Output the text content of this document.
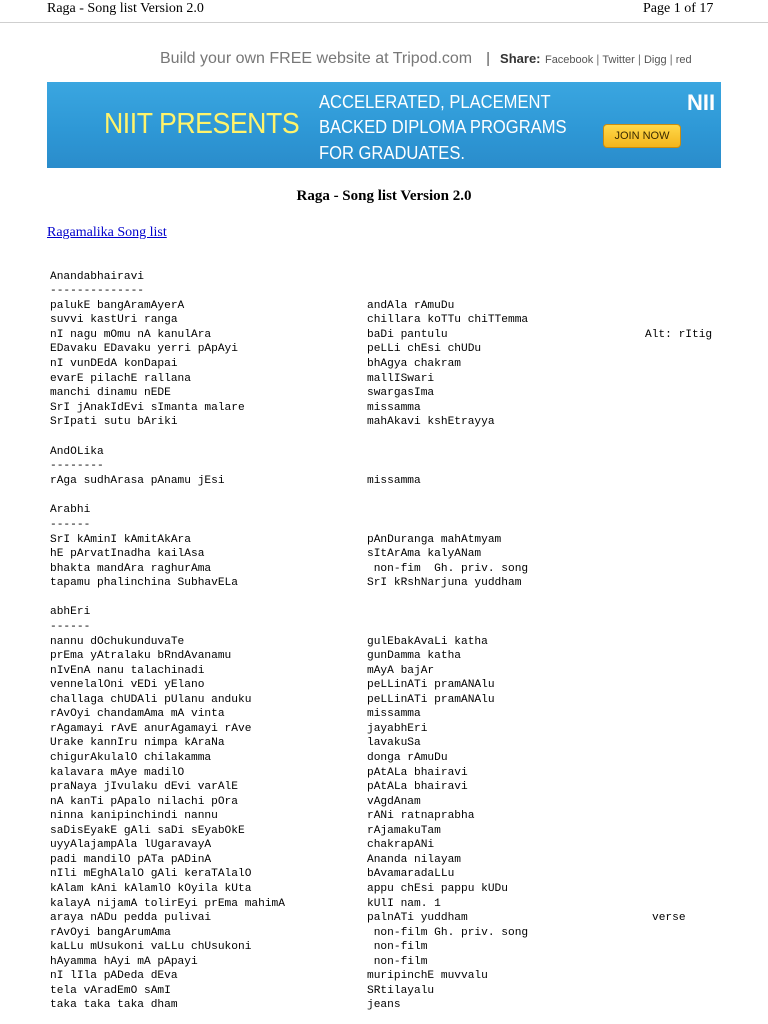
Raga - Song list Version 2.0	Page 1 of 17
Build your own FREE website at Tripod.com | Share: Facebook | Twitter | Digg | red
NIIT PRESENTS
ACCELERATED, PLACEMENT
BACKED DIPLOMA PROGRAMS
FOR GRADUATES.
JOIN NOW
NII
Raga - Song list Version 2.0
Ragamalika Song list
Anandabhairavi
--------------
palukE bangAramAyerA	andAla rAmuDu
suvvi kastUri ranga	chillara koTTu chiTTemma
nI nagu mOmu nA kanulAra	baDi pantulu	Alt: rItig
EDavaku EDavaku yerri pApAyi	peLLi chEsi chUDu
nI vunDEdA konDapai	bhAgya chakram
evarE pilachE rallana	mallISwari
manchi dinamu nEDE	swargasIma
SrI jAnakIdEvi sImanta malare	missamma
SrIpati sutu bAriki	mahAkavi kshEtrayya
AndOLika
--------
rAga sudhArasa pAnamu jEsi	missamma
Arabhi
------
SrI kAminI kAmitAkAra	pAnDuranga mahAtmyam
hE pArvatInadha kailAsa	sItArAma kalyANam
bhakta mandAra raghurAma	non-fim  Gh. priv. song
tapamu phalinchina SubhavELa	SrI kRshNarjuna yuddham
abhEri
------
nannu dOchukunduvaTe	gulEbakAvaLi katha
prEma yAtralaku bRndAvanamu	gunDamma katha
nIvEnA nanu talachinadi	mAyA bajAr
vennelalOni vEDi yElano	peLLinATi pramANAlu
challaga chUDAli pUlanu anduku	peLLinATi pramANAlu
rAvOyi chandamAma mA vinta	missamma
rAgamayi rAvE anurAgamayi rAve	jayabhEri
Urake kannIru nimpa kAraNa	lavakuSa
chigurAkulalO chilakamma	donga rAmuDu
kalavara mAye madilO	pAtALa bhairavi
praNaya jIvulaku dEvi varAlE	pAtALa bhairavi
nA kanTi pApalo nilachi pOra	vAgdAnam
ninna kanipinchindi nannu	rANi ratnaprabha
saDisEyakE gAli saDi sEyabOkE	rAjamakuTam
uyyAlajampAla lUgaravayA	chakrapANi
padi mandilO pATa pADinA	Ananda nilayam
nIli mEghAlalO gAli keraTAlalO	bAvamaradaLLu
kAlam kAni kAlamlO kOyila kUta	appu chEsi pappu kUDu
kalayA nijamA tolirEyi prEma mahimA	kUlI nam. 1
araya nADu pedda pulivai	palnATi yuddham	verse
rAvOyi bangArumAma	non-film Gh. priv. song
kaLLu mUsukoni vaLLu chUsukoni	non-film
hAyamma hAyi mA pApayi	non-film
nI lIla pADeda dEva	muripinchE muvvalu
tela vAradEmO sAmI	SRtilayalu
taka taka taka dham	jeans
